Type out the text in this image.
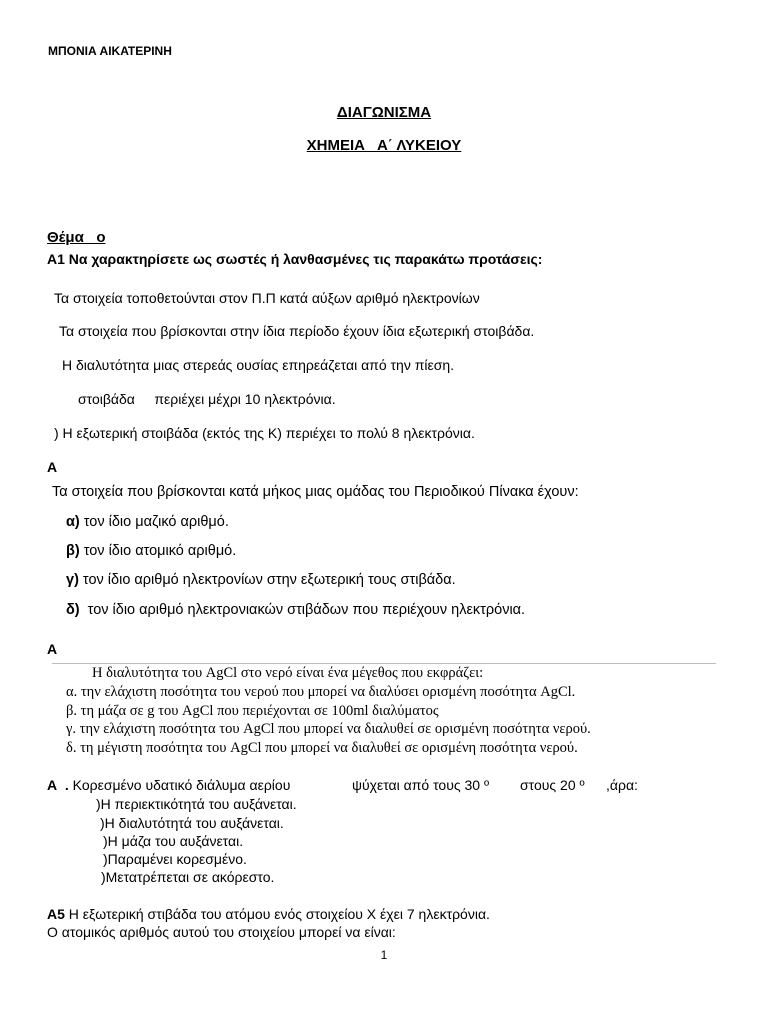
ΜΠΟΝΙΑ ΑΙΚΑΤΕΡΙΝΗ
ΔΙΑΓΩΝΙΣΜΑ
ΧΗΜΕΙΑ   Α΄ ΛΥΚΕΙΟΥ
Θέμα   ο
Α1 Να χαρακτηρίσετε ως σωστές ή λανθασμένες τις παρακάτω προτάσεις:
Τα στοιχεία τοποθετούνται στον Π.Π κατά αύξων αριθμό ηλεκτρονίων
Τα στοιχεία που βρίσκονται στην ίδια περίοδο έχουν ίδια εξωτερική στοιβάδα.
Η διαλυτότητα μιας στερεάς ουσίας επηρεάζεται από την πίεση.
στοιβάδα     περιέχει μέχρι 10 ηλεκτρόνια.
) Η εξωτερική στοιβάδα (εκτός της Κ) περιέχει το πολύ 8 ηλεκτρόνια.
Α
Τα στοιχεία που βρίσκονται κατά μήκος μιας ομάδας του Περιοδικού Πίνακα έχουν:
α) τον ίδιο μαζικό αριθμό.
β) τον ίδιο ατομικό αριθμό.
γ) τον ίδιο αριθμό ηλεκτρονίων στην εξωτερική τους στιβάδα.
δ)  τον ίδιο αριθμό ηλεκτρονιακών στιβάδων που περιέχουν ηλεκτρόνια.
Α
Η διαλυτότητα του AgCl στο νερό είναι ένα μέγεθος που εκφράζει:
α. την ελάχιστη ποσότητα του νερού που μπορεί να διαλύσει ορισμένη ποσότητα AgCl.
β. τη μάζα σε g του AgCl που περιέχονται σε 100ml διαλύματος
γ. την ελάχιστη ποσότητα του AgCl που μπορεί να διαλυθεί σε ορισμένη ποσότητα νερού.
δ. τη μέγιστη ποσότητα του AgCl που μπορεί να διαλυθεί σε ορισμένη ποσότητα νερού.
Α  . Κορεσμένο υδατικό διάλυμα αερίου	ψύχεται από τους 30 º στους 20 º ,άρα:
)Η περιεκτικότητά του αυξάνεται.
)Η διαλυτότητά του αυξάνεται.
)Η μάζα του αυξάνεται.
)Παραμένει κορεσμένο.
)Μετατρέπεται σε ακόρεστο.
Α5 Η εξωτερική στιβάδα του ατόμου ενός στοιχείου Χ έχει 7 ηλεκτρόνια.
Ο ατομικός αριθμός αυτού του στοιχείου μπορεί να είναι:
1
